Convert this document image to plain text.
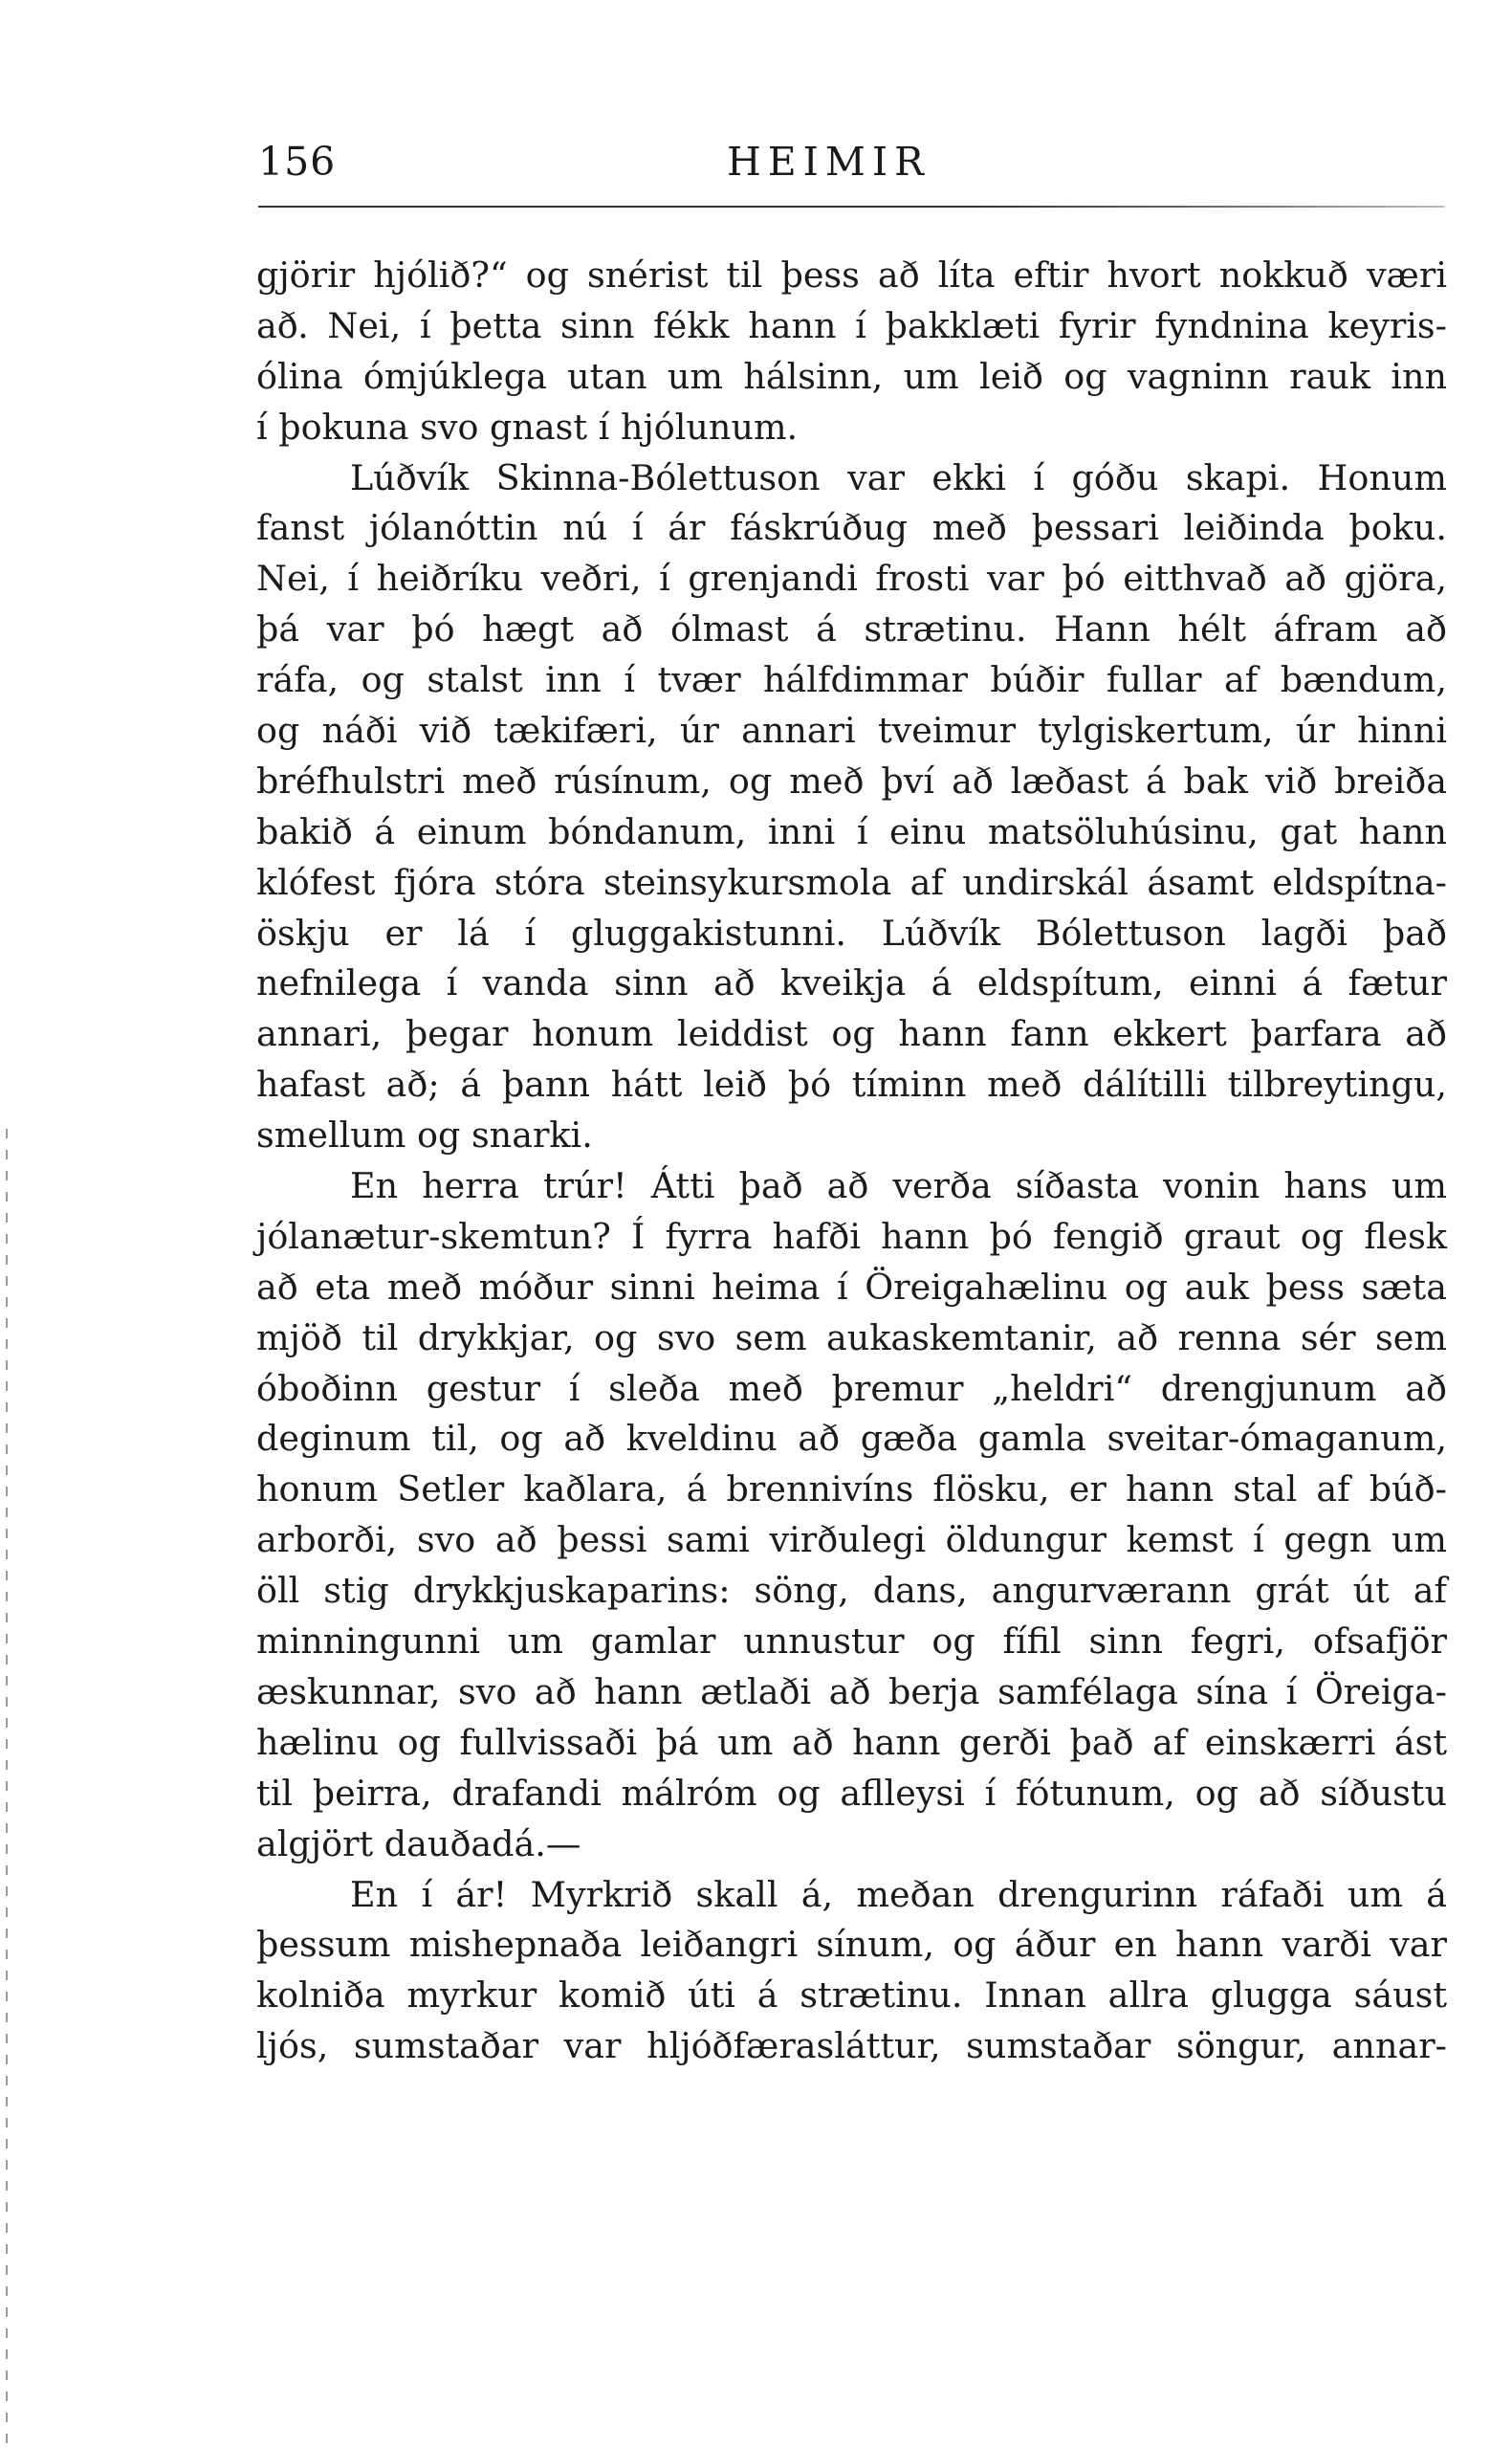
156	HEIMIR
gjörir hjólið?“ og snérist til þess að líta eftir hvort nokkuð væri
að. Nei, í þetta sinn fékk hann í þakklæti fyrir fyndnina keyris-
ólina ómjúklega utan um hálsinn, um leið og vagninn rauk inn
í þokuna svo gnast í hjólunum.
Lúðvík Skinna-Bólettuson var ekki í góðu skapi. Honum
fanst jólanóttin nú í ár fáskrúðug með þessari leiðinda þoku.
Nei, í heiðríku veðri, í grenjandi frosti var þó eitthvað að gjöra,
þá var þó hægt að ólmast á strætinu. Hann hélt áfram að
ráfa, og stalst inn í tvær hálfdimmar búðir fullar af bændum,
og náði við tækifæri, úr annari tveimur tylgiskertum, úr hinni
bréfhulstri með rúsínum, og með því að læðast á bak við breiða
bakið á einum bóndanum, inni í einu matsöluhúsinu, gat hann
klófest fjóra stóra steinsykursmola af undirskál ásamt eldspítna-
öskju er lá í gluggakistunni. Lúðvík Bólettuson lagði það
nefnilega í vanda sinn að kveikja á eldspítum, einni á fætur
annari, þegar honum leiddist og hann fann ekkert þarfara að
hafast að; á þann hátt leið þó tíminn með dálítilli tilbreytingu,
smellum og snarki.
En herra trúr! Átti það að verða síðasta vonin hans um
jólanætur-skemtun? Í fyrra hafði hann þó fengið graut og flesk
að eta með móður sinni heima í Öreigahælinu og auk þess sæta
mjöð til drykkjar, og svo sem aukaskemtanir, að renna sér sem
óboðinn gestur í sleða með þremur „heldri“ drengjunum að
deginum til, og að kveldinu að gæða gamla sveitar-ómaganum,
honum Setler kaðlara, á brennivíns flösku, er hann stal af búð-
arborði, svo að þessi sami virðulegi öldungur kemst í gegn um
öll stig drykkjuskaparins: söng, dans, angurværann grát út af
minningunni um gamlar unnustur og fífil sinn fegri, ofsafjör
æskunnar, svo að hann ætlaði að berja samfélaga sína í Öreiga-
hælinu og fullvissaði þá um að hann gerði það af einskærri ást
til þeirra, drafandi málróm og aflleysi í fótunum, og að síðustu
algjört dauðadá.—
En í ár! Myrkrið skall á, meðan drengurinn ráfaði um á
þessum mishepnaða leiðangri sínum, og áður en hann varði var
kolniða myrkur komið úti á strætinu. Innan allra glugga sáust
ljós, sumstaðar var hljóðfærasláttur, sumstaðar söngur, annar-
